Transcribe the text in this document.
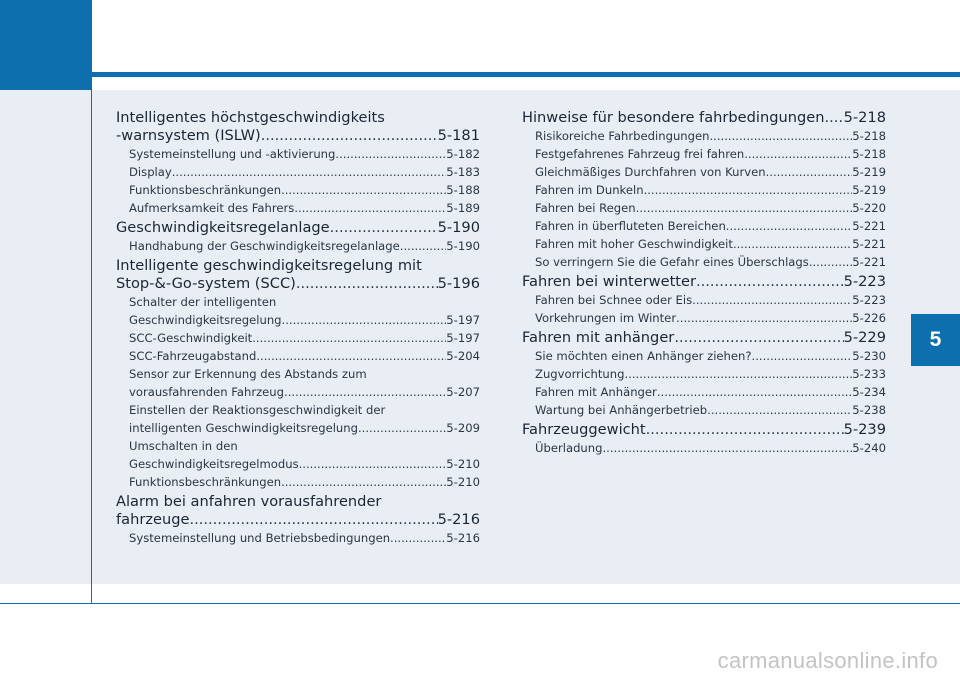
5
Intelligentes höchstgeschwindigkeits
-warnsystem (ISLW) .....	5-181
Systemeinstellung und -aktivierung .....	5-182
Display .....	5-183
Funktionsbeschränkungen .....	5-188
Aufmerksamkeit des Fahrers .....	5-189
Geschwindigkeitsregelanlage .....	5-190
Handhabung der Geschwindigkeitsregelanlage .....	5-190
Intelligente geschwindigkeitsregelung mit
Stop-&-Go-system (SCC) .....	5-196
Schalter der intelligenten
Geschwindigkeitsregelung .....	5-197
SCC-Geschwindigkeit .....	5-197
SCC-Fahrzeugabstand .....	5-204
Sensor zur Erkennung des Abstands zum
vorausfahrenden Fahrzeug .....	5-207
Einstellen der Reaktionsgeschwindigkeit der
intelligenten Geschwindigkeitsregelung .....	5-209
Umschalten in den
Geschwindigkeitsregelmodus .....	5-210
Funktionsbeschränkungen .....	5-210
Alarm bei anfahren vorausfahrender
fahrzeuge .....	5-216
Systemeinstellung und Betriebsbedingungen .....	5-216
Hinweise für besondere fahrbedingungen ..... 5-218
Risikoreiche Fahrbedingungen .....	5-218
Festgefahrenes Fahrzeug frei fahren .....	5-218
Gleichmäßiges Durchfahren von Kurven .....	5-219
Fahren im Dunkeln .....	5-219
Fahren bei Regen .....	5-220
Fahren in überfluteten Bereichen .....	5-221
Fahren mit hoher Geschwindigkeit .....	5-221
So verringern Sie die Gefahr eines Überschlags .....	5-221
Fahren bei winterwetter .....	5-223
Fahren bei Schnee oder Eis .....	5-223
Vorkehrungen im Winter .....	5-226
Fahren mit anhänger .....	5-229
Sie möchten einen Anhänger ziehen? .....	5-230
Zugvorrichtung .....	5-233
Fahren mit Anhänger .....	5-234
Wartung bei Anhängerbetrieb .....	5-238
Fahrzeuggewicht .....	5-239
Überladung .....	5-240
carmanualsonline.info
